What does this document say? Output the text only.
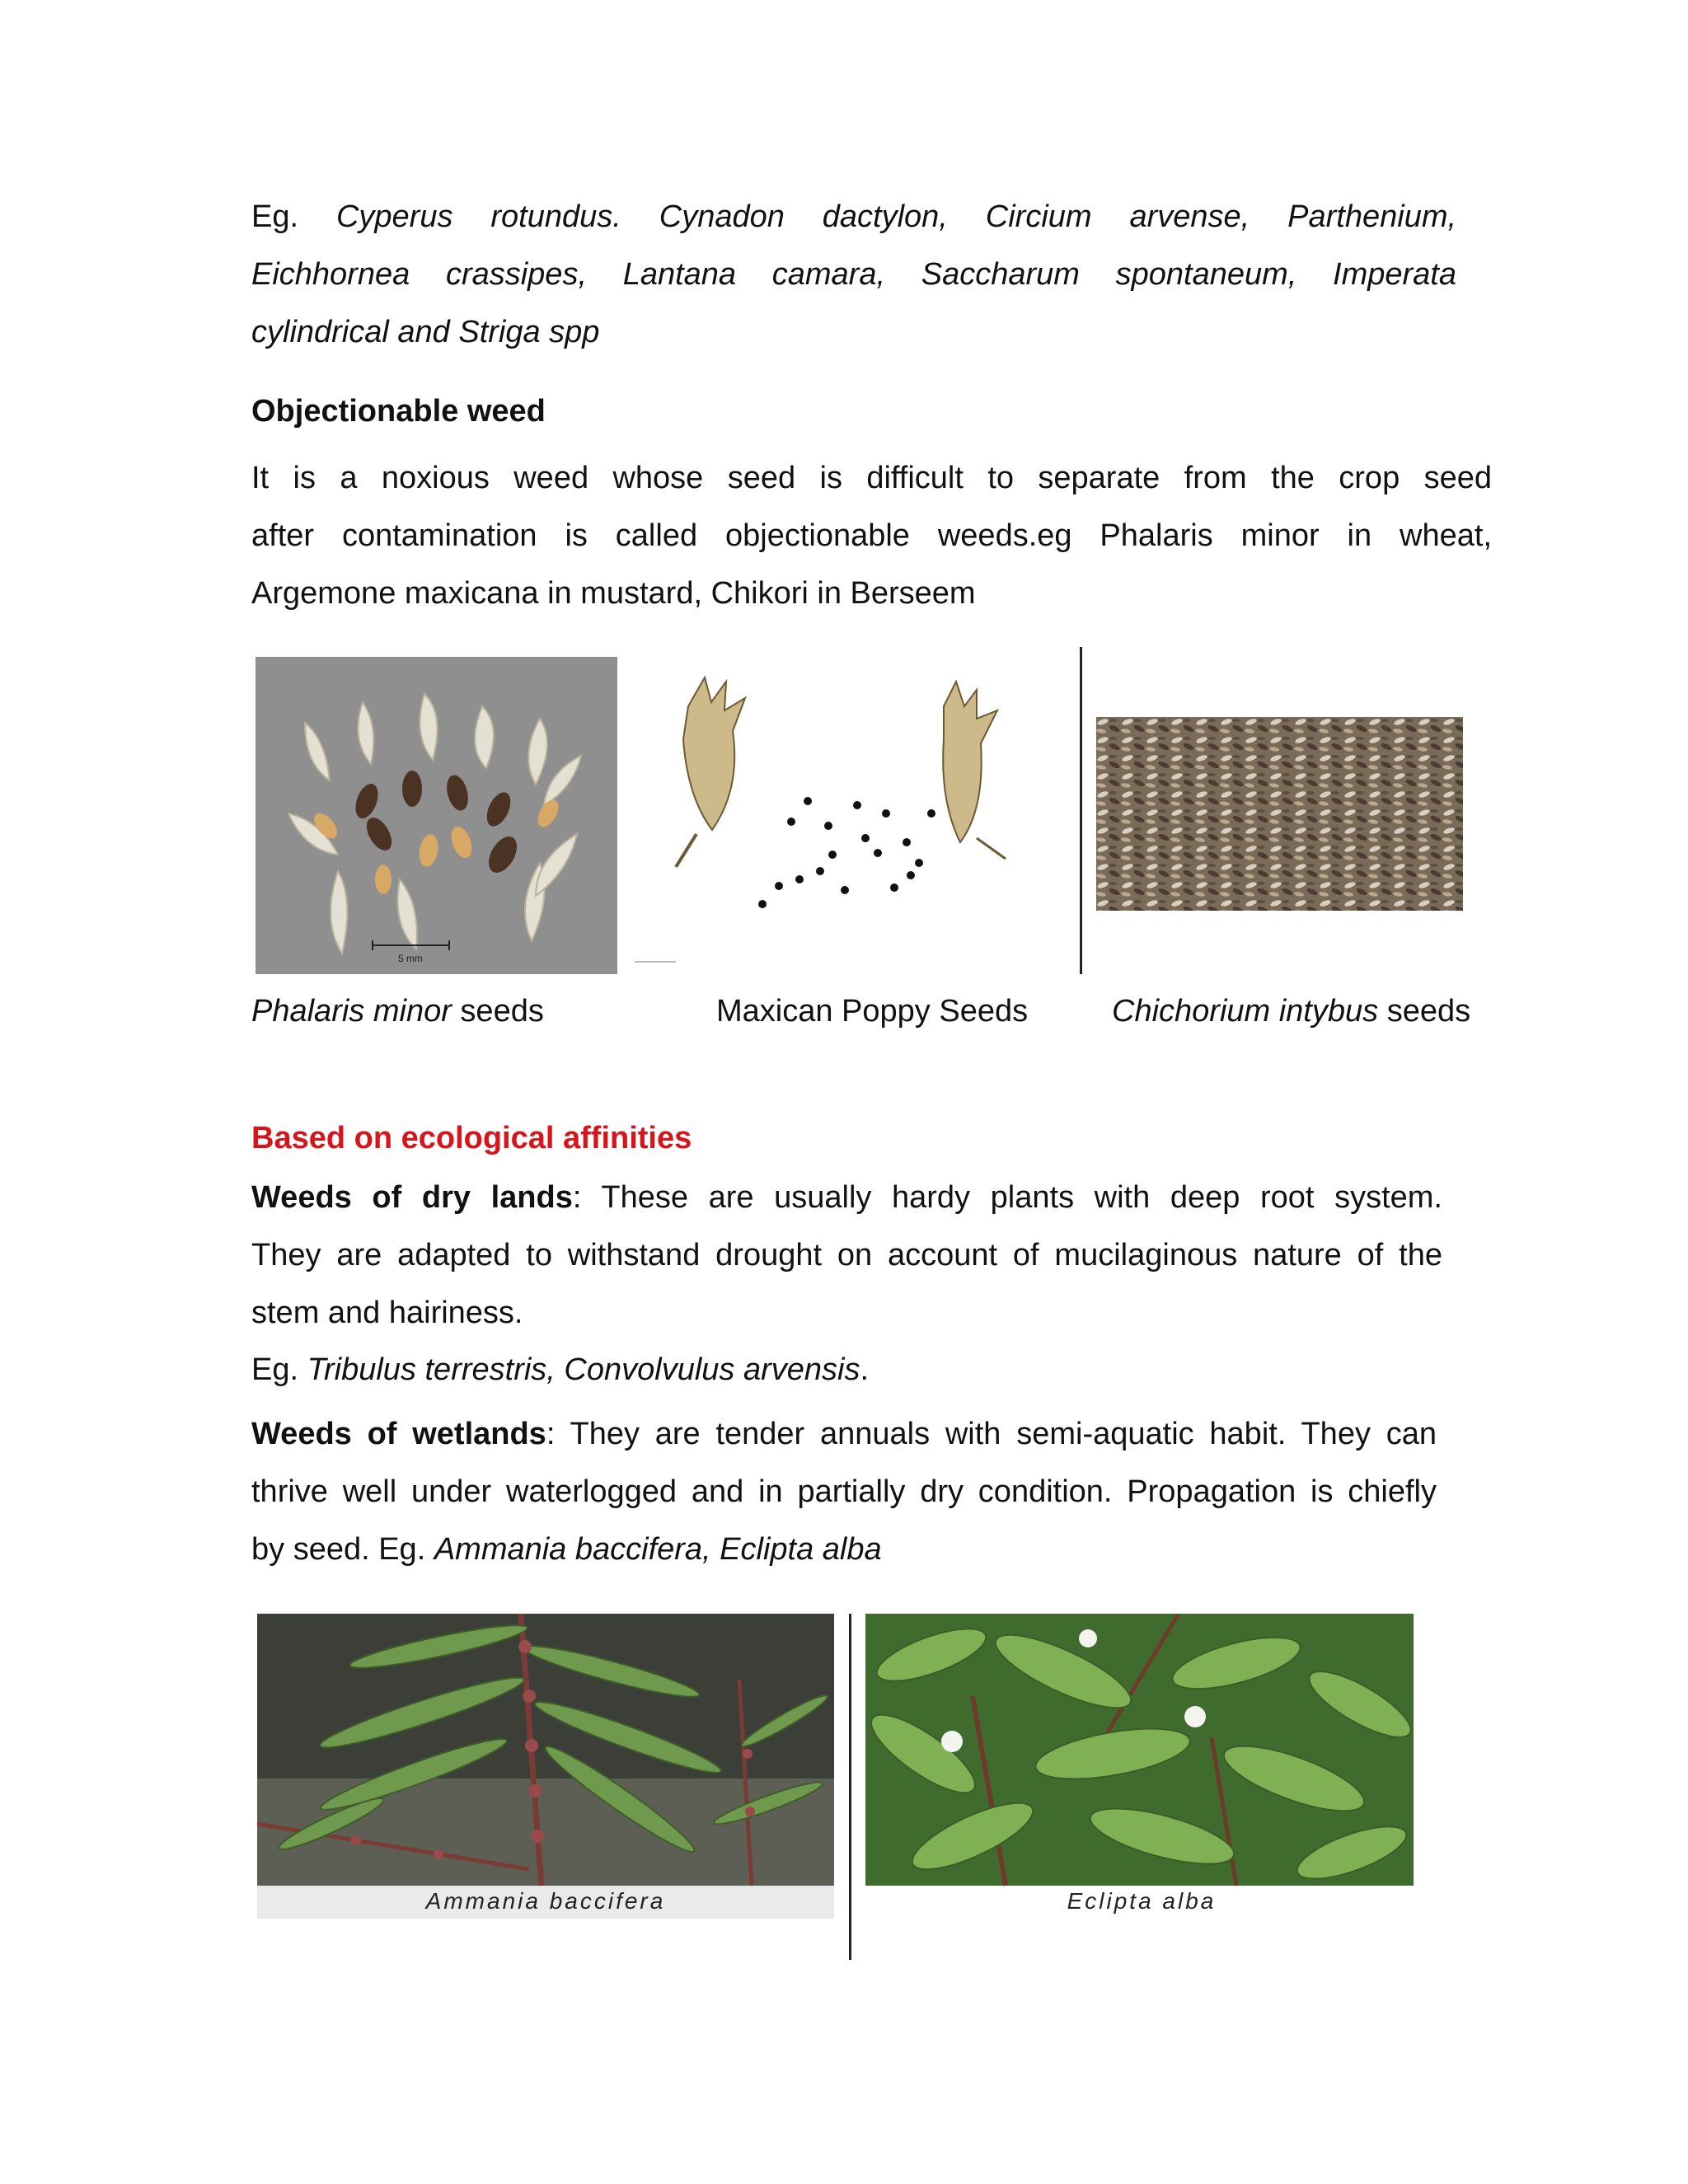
Eg. Cyperus rotundus. Cynadon dactylon, Circium arvense, Parthenium,
Eichhornea crassipes, Lantana camara, Saccharum spontaneum, Imperata
cylindrical and Striga spp
Objectionable weed
It is a noxious weed whose seed is difficult to separate from the crop seed
after contamination is called objectionable weeds.eg Phalaris minor in wheat,
Argemone maxicana in mustard, Chikori in Berseem
5 mm
Phalaris minor seeds	Maxican Poppy Seeds	Chichorium intybus seeds
Based on ecological affinities
Weeds of dry lands: These are usually hardy plants with deep root system.
They are adapted to withstand drought on account of mucilaginous nature of the
stem and hairiness.
Eg. Tribulus terrestris, Convolvulus arvensis.
Weeds of wetlands: They are tender annuals with semi-aquatic habit. They can
thrive well under waterlogged and in partially dry condition. Propagation is chiefly
by seed. Eg. Ammania baccifera, Eclipta alba
Ammania baccifera	Eclipta alba
